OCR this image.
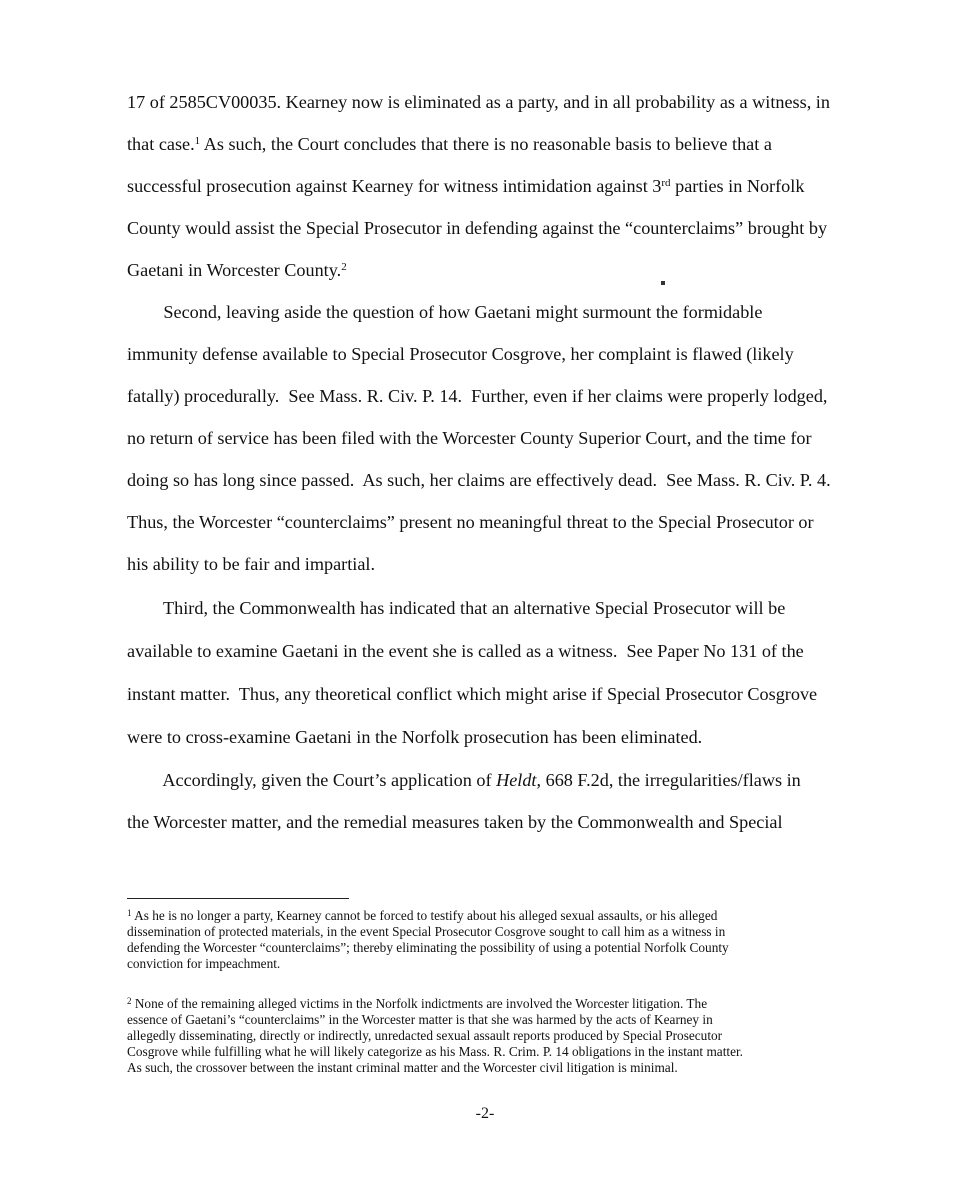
17 of 2585CV00035. Kearney now is eliminated as a party, and in all probability as a witness, in
that case.$^1$ As such, the Court concludes that there is no reasonable basis to believe that a
successful prosecution against Kearney for witness intimidation against 3rd parties in Norfolk
County would assist the Special Prosecutor in defending against the “counterclaims” brought by
Gaetani in Worcester County.$^2$
Second, leaving aside the question of how Gaetani might surmount the formidable
immunity defense available to Special Prosecutor Cosgrove, her complaint is flawed (likely
fatally) procedurally.  See Mass. R. Civ. P. 14.  Further, even if her claims were properly lodged,
no return of service has been filed with the Worcester County Superior Court, and the time for
doing so has long since passed.  As such, her claims are effectively dead.  See Mass. R. Civ. P. 4.
Thus, the Worcester “counterclaims” present no meaningful threat to the Special Prosecutor or
his ability to be fair and impartial.
Third, the Commonwealth has indicated that an alternative Special Prosecutor will be
available to examine Gaetani in the event she is called as a witness.  See Paper No 131 of the
instant matter.  Thus, any theoretical conflict which might arise if Special Prosecutor Cosgrove
were to cross-examine Gaetani in the Norfolk prosecution has been eliminated.
Accordingly, given the Court’s application of Heldt, 668 F.2d, the irregularities/flaws in
the Worcester matter, and the remedial measures taken by the Commonwealth and Special
$^1$ As he is no longer a party, Kearney cannot be forced to testify about his alleged sexual assaults, or his alleged
dissemination of protected materials, in the event Special Prosecutor Cosgrove sought to call him as a witness in
defending the Worcester “counterclaims”; thereby eliminating the possibility of using a potential Norfolk County
conviction for impeachment.
$^2$ None of the remaining alleged victims in the Norfolk indictments are involved the Worcester litigation. The
essence of Gaetani’s “counterclaims” in the Worcester matter is that she was harmed by the acts of Kearney in
allegedly disseminating, directly or indirectly, unredacted sexual assault reports produced by Special Prosecutor
Cosgrove while fulfilling what he will likely categorize as his Mass. R. Crim. P. 14 obligations in the instant matter.
As such, the crossover between the instant criminal matter and the Worcester civil litigation is minimal.
-2-
